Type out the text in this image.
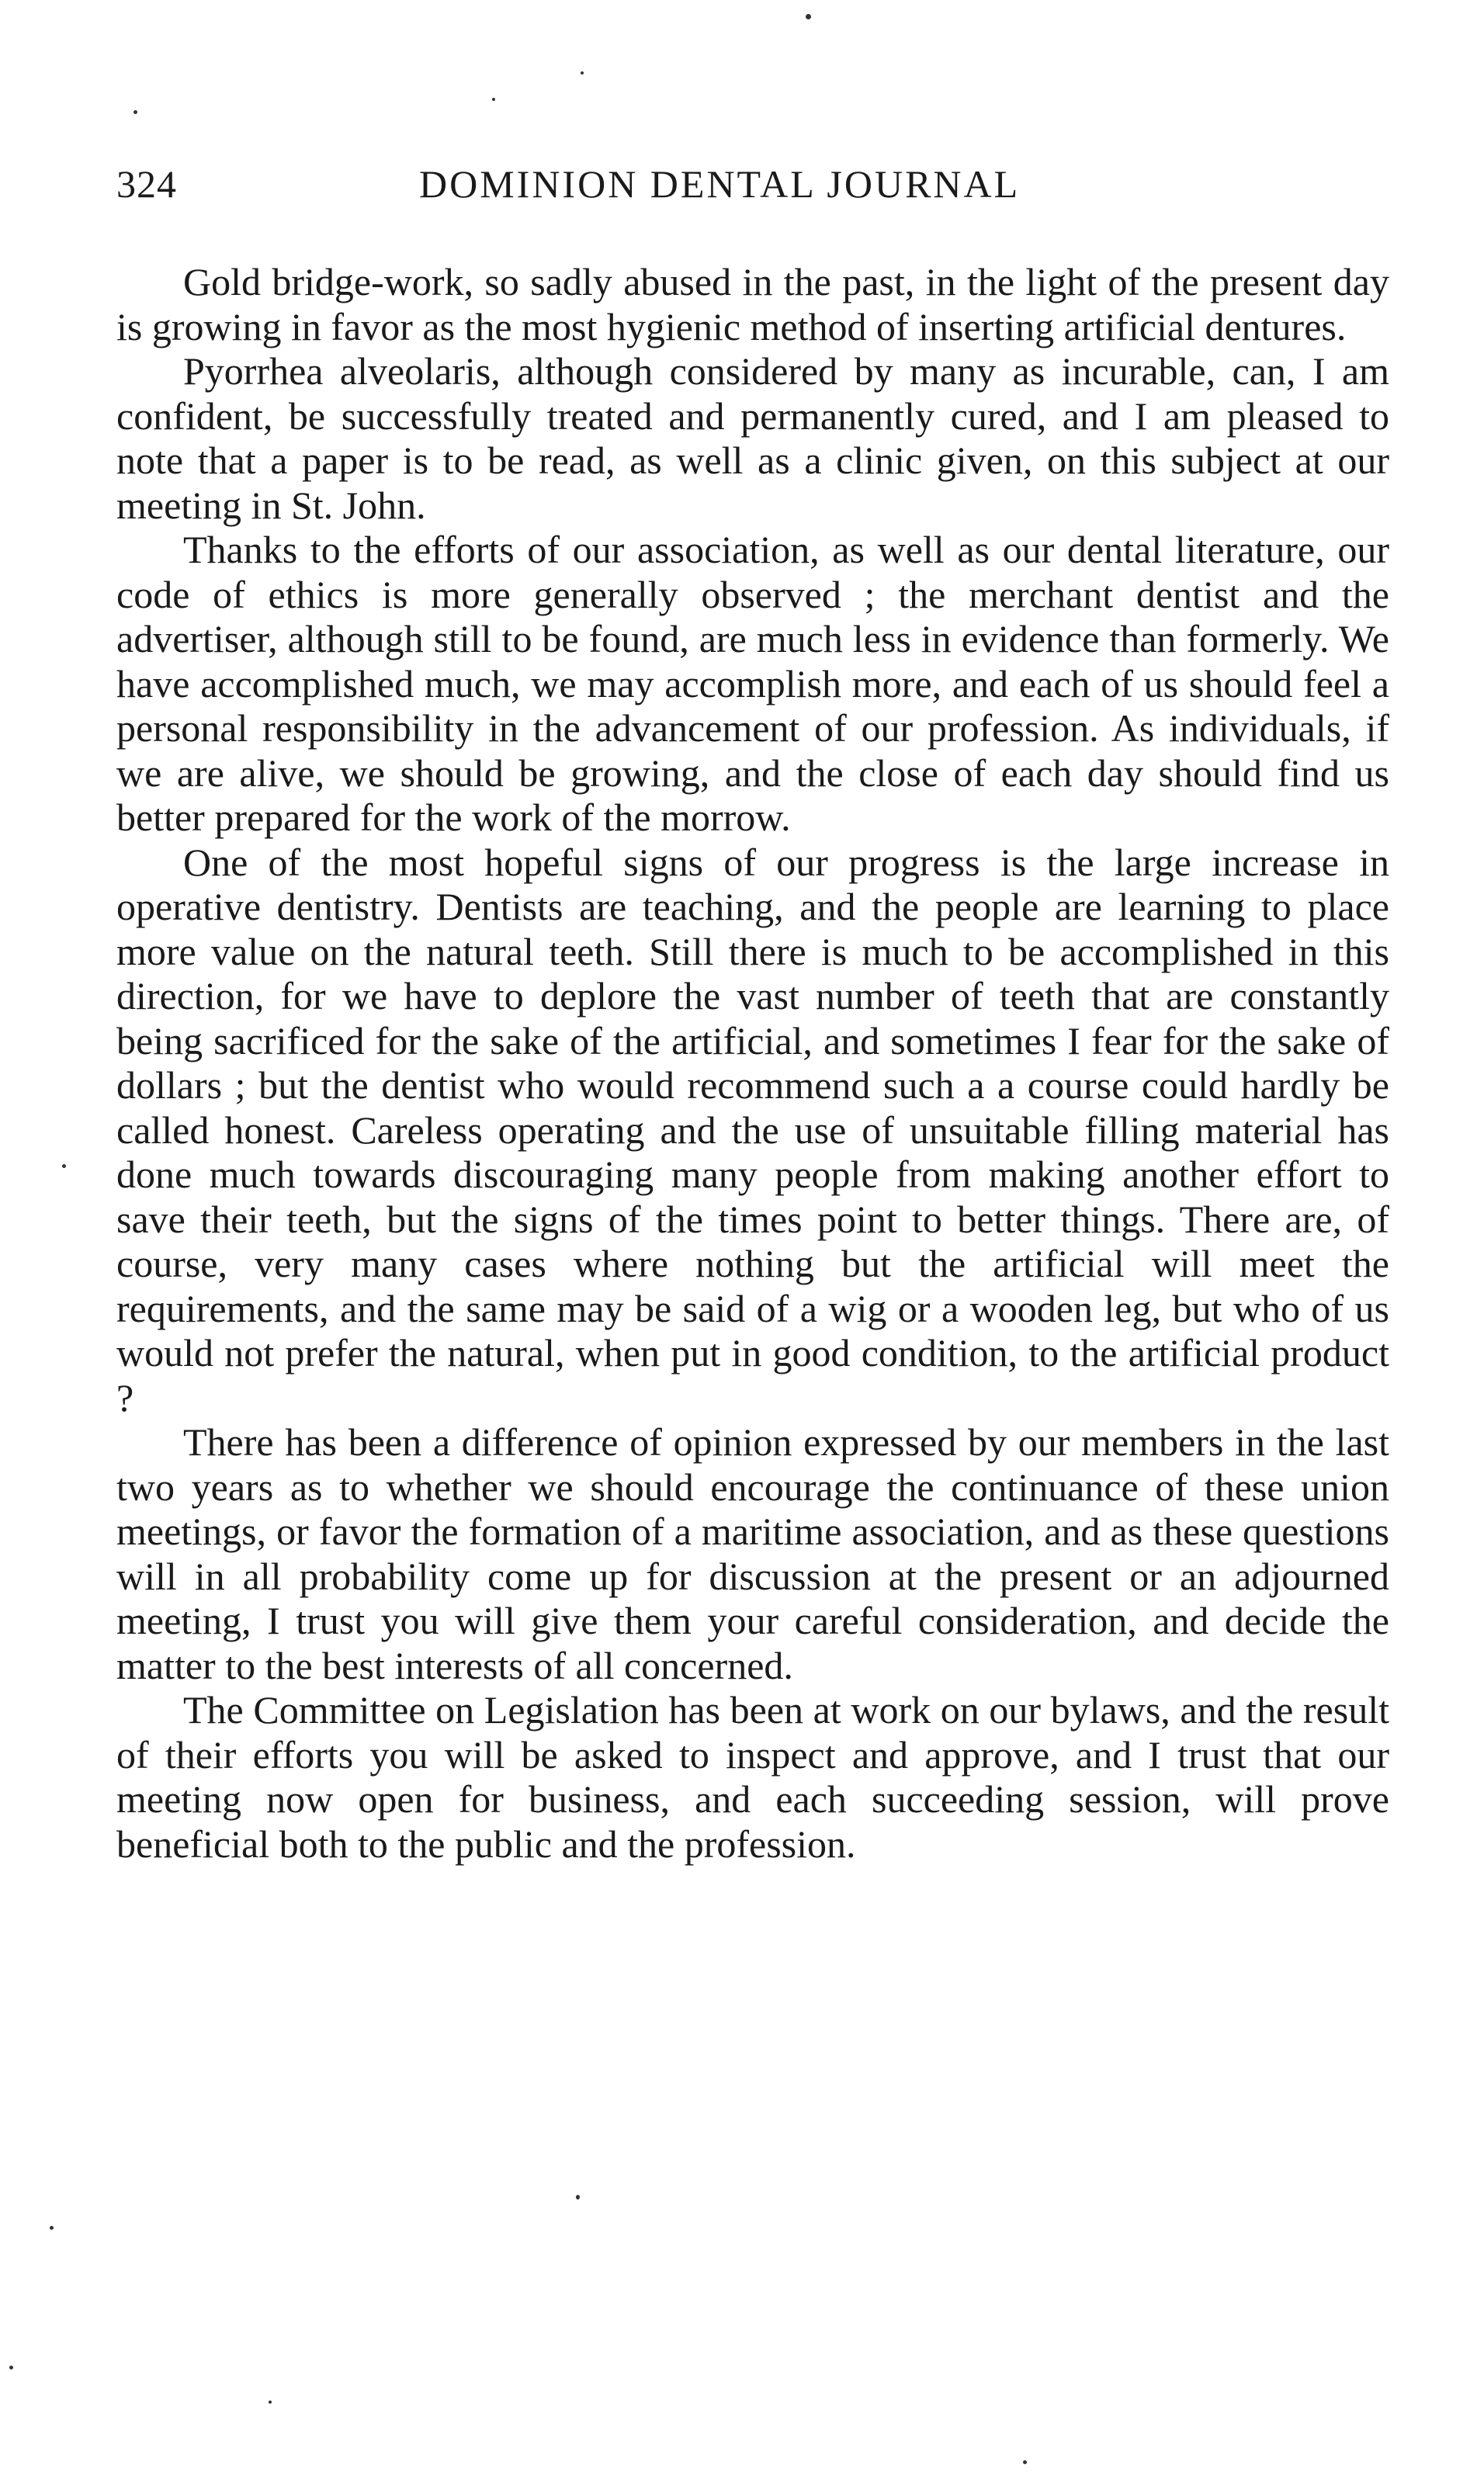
324	DOMINION DENTAL JOURNAL

Gold bridge-work, so sadly abused in the past, in the light of the present day is growing in favor as the most hygienic method of inserting artificial dentures.

Pyorrhea alveolaris, although considered by many as incurable, can, I am confident, be successfully treated and permanently cured, and I am pleased to note that a paper is to be read, as well as a clinic given, on this subject at our meeting in St. John.

Thanks to the efforts of our association, as well as our dental literature, our code of ethics is more generally observed ; the merchant dentist and the advertiser, although still to be found, are much less in evidence than formerly. We have accomplished much, we may accomplish more, and each of us should feel a personal responsibility in the advancement of our profession. As individuals, if we are alive, we should be growing, and the close of each day should find us better prepared for the work of the morrow.

One of the most hopeful signs of our progress is the large increase in operative dentistry. Dentists are teaching, and the people are learning to place more value on the natural teeth. Still there is much to be accomplished in this direction, for we have to deplore the vast number of teeth that are constantly being sacrificed for the sake of the artificial, and sometimes I fear for the sake of dollars ; but the dentist who would recommend such a a course could hardly be called honest. Careless operating and the use of unsuitable filling material has done much towards discouraging many people from making another effort to save their teeth, but the signs of the times point to better things. There are, of course, very many cases where nothing but the artificial will meet the requirements, and the same may be said of a wig or a wooden leg, but who of us would not prefer the natural, when put in good condition, to the artificial product ?

There has been a difference of opinion expressed by our members in the last two years as to whether we should encourage the continuance of these union meetings, or favor the formation of a maritime association, and as these questions will in all probability come up for discussion at the present or an adjourned meeting, I trust you will give them your careful consideration, and decide the matter to the best interests of all concerned.

The Committee on Legislation has been at work on our bylaws, and the result of their efforts you will be asked to inspect and approve, and I trust that our meeting now open for business, and each succeeding session, will prove beneficial both to the public and the profession.
